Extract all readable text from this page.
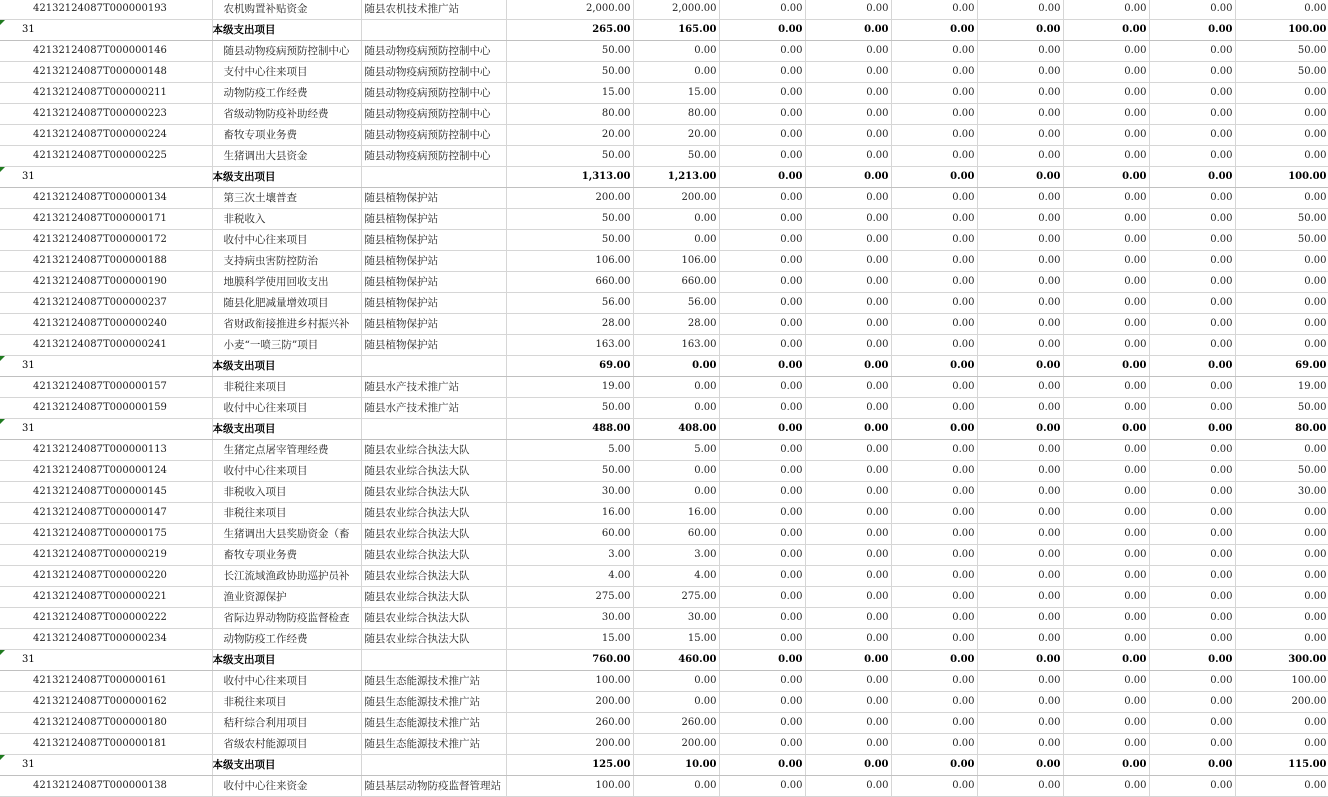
42132124087T000000193	农机购置补贴资金	随县农机技术推广站	2,000.00	2,000.00	0.00	0.00	0.00	0.00	0.00	0.00	0.00

31	本级支出项目		265.00	165.00	0.00	0.00	0.00	0.00	0.00	0.00	100.00
42132124087T000000146	随县动物疫病预防控制中心	随县动物疫病预防控制中心	50.00	0.00	0.00	0.00	0.00	0.00	0.00	0.00	50.00
42132124087T000000148	支付中心往来项目	随县动物疫病预防控制中心	50.00	0.00	0.00	0.00	0.00	0.00	0.00	0.00	50.00
42132124087T000000211	动物防疫工作经费	随县动物疫病预防控制中心	15.00	15.00	0.00	0.00	0.00	0.00	0.00	0.00	0.00
42132124087T000000223	省级动物防疫补助经费	随县动物疫病预防控制中心	80.00	80.00	0.00	0.00	0.00	0.00	0.00	0.00	0.00
42132124087T000000224	畜牧专项业务费	随县动物疫病预防控制中心	20.00	20.00	0.00	0.00	0.00	0.00	0.00	0.00	0.00
42132124087T000000225	生猪调出大县资金	随县动物疫病预防控制中心	50.00	50.00	0.00	0.00	0.00	0.00	0.00	0.00	0.00

31	本级支出项目		1,313.00	1,213.00	0.00	0.00	0.00	0.00	0.00	0.00	100.00
42132124087T000000134	第三次土壤普查	随县植物保护站	200.00	200.00	0.00	0.00	0.00	0.00	0.00	0.00	0.00
42132124087T000000171	非税收入	随县植物保护站	50.00	0.00	0.00	0.00	0.00	0.00	0.00	0.00	50.00
42132124087T000000172	收付中心往来项目	随县植物保护站	50.00	0.00	0.00	0.00	0.00	0.00	0.00	0.00	50.00
42132124087T000000188	支持病虫害防控防治	随县植物保护站	106.00	106.00	0.00	0.00	0.00	0.00	0.00	0.00	0.00
42132124087T000000190	地膜科学使用回收支出	随县植物保护站	660.00	660.00	0.00	0.00	0.00	0.00	0.00	0.00	0.00
42132124087T000000237	随县化肥减量增效项目	随县植物保护站	56.00	56.00	0.00	0.00	0.00	0.00	0.00	0.00	0.00
42132124087T000000240	省财政衔接推进乡村振兴补	随县植物保护站	28.00	28.00	0.00	0.00	0.00	0.00	0.00	0.00	0.00
42132124087T000000241	小麦“一喷三防”项目	随县植物保护站	163.00	163.00	0.00	0.00	0.00	0.00	0.00	0.00	0.00

31	本级支出项目		69.00	0.00	0.00	0.00	0.00	0.00	0.00	0.00	69.00
42132124087T000000157	非税往来项目	随县水产技术推广站	19.00	0.00	0.00	0.00	0.00	0.00	0.00	0.00	19.00
42132124087T000000159	收付中心往来项目	随县水产技术推广站	50.00	0.00	0.00	0.00	0.00	0.00	0.00	0.00	50.00

31	本级支出项目		488.00	408.00	0.00	0.00	0.00	0.00	0.00	0.00	80.00
42132124087T000000113	生猪定点屠宰管理经费	随县农业综合执法大队	5.00	5.00	0.00	0.00	0.00	0.00	0.00	0.00	0.00
42132124087T000000124	收付中心往来项目	随县农业综合执法大队	50.00	0.00	0.00	0.00	0.00	0.00	0.00	0.00	50.00
42132124087T000000145	非税收入项目	随县农业综合执法大队	30.00	0.00	0.00	0.00	0.00	0.00	0.00	0.00	30.00
42132124087T000000147	非税往来项目	随县农业综合执法大队	16.00	16.00	0.00	0.00	0.00	0.00	0.00	0.00	0.00
42132124087T000000175	生猪调出大县奖励资金（畜	随县农业综合执法大队	60.00	60.00	0.00	0.00	0.00	0.00	0.00	0.00	0.00
42132124087T000000219	畜牧专项业务费	随县农业综合执法大队	3.00	3.00	0.00	0.00	0.00	0.00	0.00	0.00	0.00
42132124087T000000220	长江流域渔政协助巡护员补	随县农业综合执法大队	4.00	4.00	0.00	0.00	0.00	0.00	0.00	0.00	0.00
42132124087T000000221	渔业资源保护	随县农业综合执法大队	275.00	275.00	0.00	0.00	0.00	0.00	0.00	0.00	0.00
42132124087T000000222	省际边界动物防疫监督检查	随县农业综合执法大队	30.00	30.00	0.00	0.00	0.00	0.00	0.00	0.00	0.00
42132124087T000000234	动物防疫工作经费	随县农业综合执法大队	15.00	15.00	0.00	0.00	0.00	0.00	0.00	0.00	0.00

31	本级支出项目		760.00	460.00	0.00	0.00	0.00	0.00	0.00	0.00	300.00
42132124087T000000161	收付中心往来项目	随县生态能源技术推广站	100.00	0.00	0.00	0.00	0.00	0.00	0.00	0.00	100.00
42132124087T000000162	非税往来项目	随县生态能源技术推广站	200.00	0.00	0.00	0.00	0.00	0.00	0.00	0.00	200.00
42132124087T000000180	秸秆综合利用项目	随县生态能源技术推广站	260.00	260.00	0.00	0.00	0.00	0.00	0.00	0.00	0.00
42132124087T000000181	省级农村能源项目	随县生态能源技术推广站	200.00	200.00	0.00	0.00	0.00	0.00	0.00	0.00	0.00

31	本级支出项目		125.00	10.00	0.00	0.00	0.00	0.00	0.00	0.00	115.00
42132124087T000000138	收付中心往来资金	随县基层动物防疫监督管理站	100.00	0.00	0.00	0.00	0.00	0.00	0.00	0.00	0.00
